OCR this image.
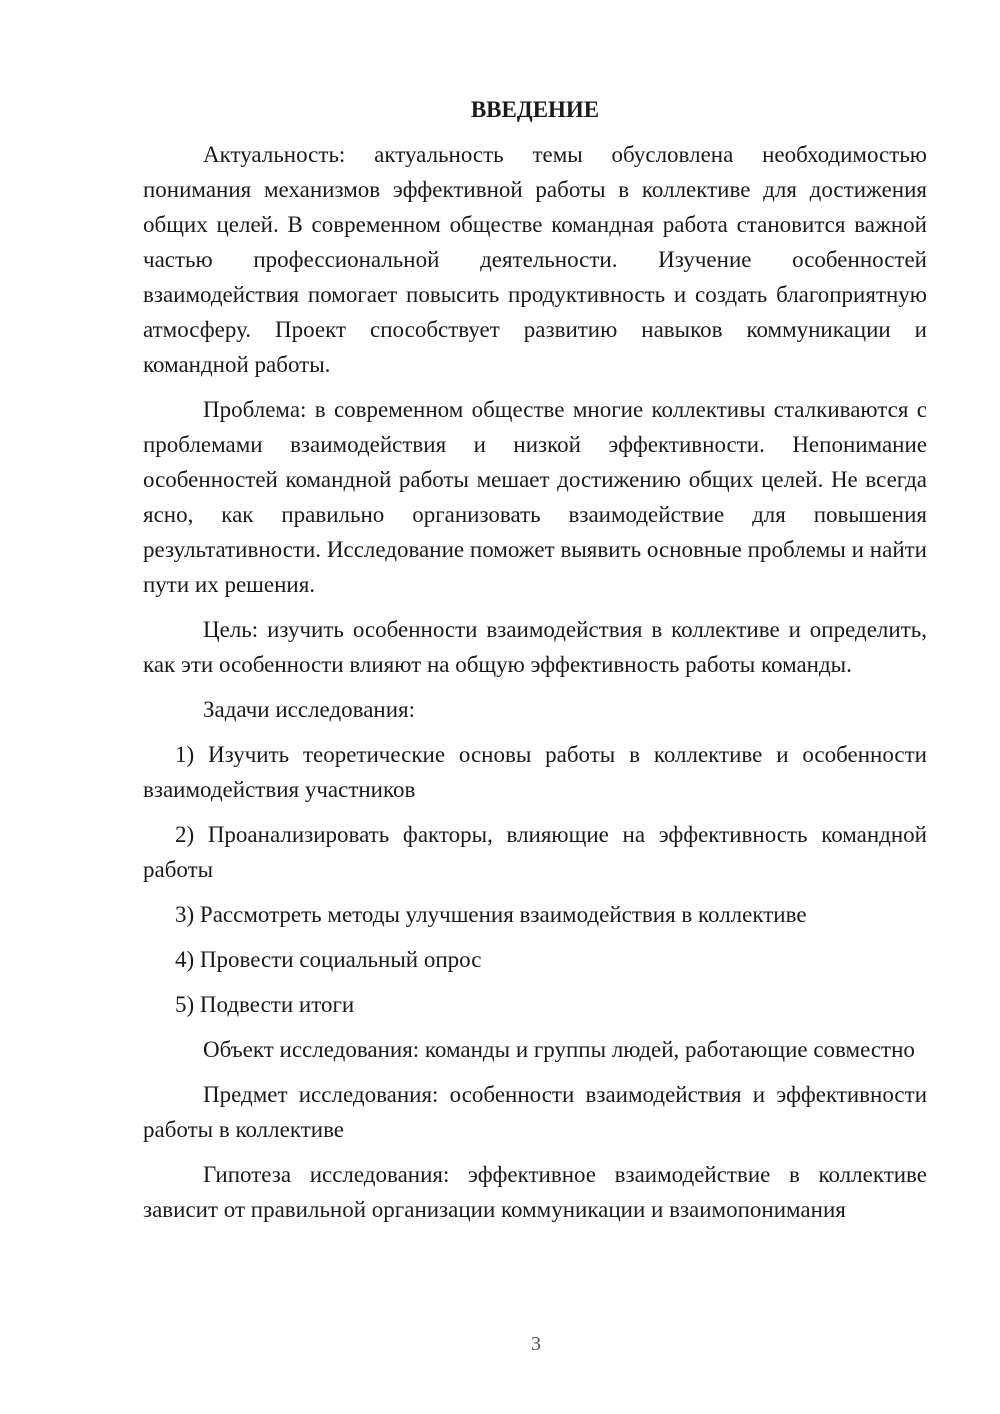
ВВЕДЕНИЕ

Актуальность: актуальность темы обусловлена необходимостью понимания механизмов эффективной работы в коллективе для достижения общих целей. В современном обществе командная работа становится важной частью профессиональной деятельности. Изучение особенностей взаимодействия помогает повысить продуктивность и создать благоприятную атмосферу. Проект способствует развитию навыков коммуникации и командной работы.

Проблема: в современном обществе многие коллективы сталкиваются с проблемами взаимодействия и низкой эффективности. Непонимание особенностей командной работы мешает достижению общих целей. Не всегда ясно, как правильно организовать взаимодействие для повышения результативности. Исследование поможет выявить основные проблемы и найти пути их решения.

Цель: изучить особенности взаимодействия в коллективе и определить, как эти особенности влияют на общую эффективность работы команды.

Задачи исследования:

1) Изучить теоретические основы работы в коллективе и особенности взаимодействия участников

2) Проанализировать факторы, влияющие на эффективность командной работы

3) Рассмотреть методы улучшения взаимодействия в коллективе

4) Провести социальный опрос

5) Подвести итоги

Объект исследования: команды и группы людей, работающие совместно

Предмет исследования: особенности взаимодействия и эффективности работы в коллективе

Гипотеза исследования: эффективное взаимодействие в коллективе зависит от правильной организации коммуникации и взаимопонимания

3
